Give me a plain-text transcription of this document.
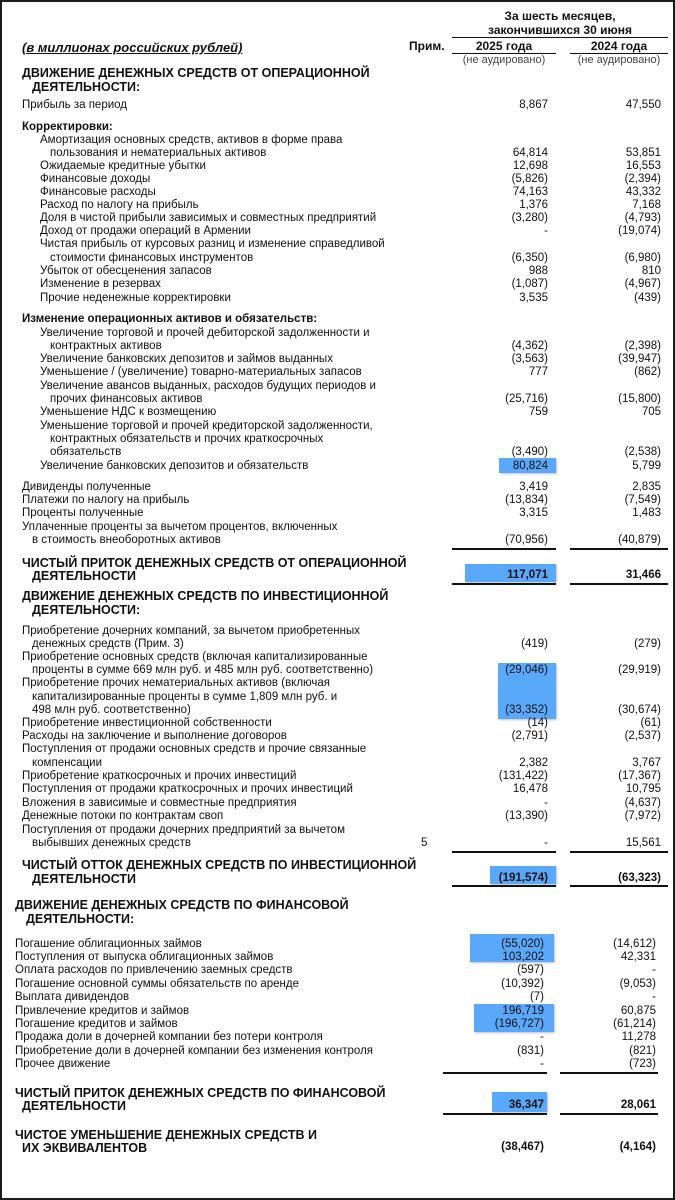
За шесть месяцев,
закончившихся 30 июня
(в миллионах российских рублей)	Прим.	2025 года	2024 года
(не аудировано)	(не аудировано)
ДВИЖЕНИЕ ДЕНЕЖНЫХ СРЕДСТВ ОТ ОПЕРАЦИОННОЙ
ДЕЯТЕЛЬНОСТИ:
Прибыль за период	8,867	47,550
Корректировки:
Амортизация основных средств, активов в форме права
пользования и нематериальных активов	64,814	53,851
Ожидаемые кредитные убытки	12,698	16,553
Финансовые доходы	(5,826)	(2,394)
Финансовые расходы	74,163	43,332
Расход по налогу на прибыль	1,376	7,168
Доля в чистой прибыли зависимых и совместных предприятий	(3,280)	(4,793)
Доход от продажи операций в Армении	-	(19,074)
Чистая прибыль от курсовых разниц и изменение справедливой
стоимости финансовых инструментов	(6,350)	(6,980)
Убыток от обесценения запасов	988	810
Изменение в резервах	(1,087)	(4,967)
Прочие неденежные корректировки	3,535	(439)
Изменение операционных активов и обязательств:
Увеличение торговой и прочей дебиторской задолженности и
контрактных активов	(4,362)	(2,398)
Увеличение банковских депозитов и займов выданных	(3,563)	(39,947)
Уменьшение / (увеличение) товарно-материальных запасов	777	(862)
Увеличение авансов выданных, расходов будущих периодов и
прочих финансовых активов	(25,716)	(15,800)
Уменьшение НДС к возмещению	759	705
Уменьшение торговой и прочей кредиторской задолженности,
контрактных обязательств и прочих краткосрочных
обязательств	(3,490)	(2,538)
Увеличение банковских депозитов и обязательств	80,824	5,799
Дивиденды полученные	3,419	2,835
Платежи по налогу на прибыль	(13,834)	(7,549)
Проценты полученные	3,315	1,483
Уплаченные проценты за вычетом процентов, включенных
в стоимость внеоборотных активов	(70,956)	(40,879)
ЧИСТЫЙ ПРИТОК ДЕНЕЖНЫХ СРЕДСТВ ОТ ОПЕРАЦИОННОЙ
ДЕЯТЕЛЬНОСТИ	117,071	31,466
ДВИЖЕНИЕ ДЕНЕЖНЫХ СРЕДСТВ ПО ИНВЕСТИЦИОННОЙ
ДЕЯТЕЛЬНОСТИ:
Приобретение дочерних компаний, за вычетом приобретенных
денежных средств (Прим. 3)	(419)	(279)
Приобретение основных средств (включая капитализированные
проценты в сумме 669 млн руб. и 485 млн руб. соответственно)	(29,046)	(29,919)
Приобретение прочих нематериальных активов (включая
капитализированные проценты в сумме 1,809 млн руб. и
498 млн руб. соответственно)	(33,352)	(30,674)
Приобретение инвестиционной собственности	(14)	(61)
Расходы на заключение и выполнение договоров	(2,791)	(2,537)
Поступления от продажи основных средств и прочие связанные
компенсации	2,382	3,767
Приобретение краткосрочных и прочих инвестиций	(131,422)	(17,367)
Поступления от продажи краткосрочных и прочих инвестиций	16,478	10,795
Вложения в зависимые и совместные предприятия	-	(4,637)
Денежные потоки по контрактам своп	(13,390)	(7,972)
Поступления от продажи дочерних предприятий за вычетом
выбывших денежных средств	5	-	15,561
ЧИСТЫЙ ОТТОК ДЕНЕЖНЫХ СРЕДСТВ ПО ИНВЕСТИЦИОННОЙ
ДЕЯТЕЛЬНОСТИ	(191,574)	(63,323)
ДВИЖЕНИЕ ДЕНЕЖНЫХ СРЕДСТВ ПО ФИНАНСОВОЙ
ДЕЯТЕЛЬНОСТИ:
Погашение облигационных займов	(55,020)	(14,612)
Поступления от выпуска облигационных займов	103,202	42,331
Оплата расходов по привлечению заемных средств	(597)	-
Погашение основной суммы обязательств по аренде	(10,392)	(9,053)
Выплата дивидендов	(7)	-
Привлечение кредитов и займов	196,719	60,875
Погашение кредитов и займов	(196,727)	(61,214)
Продажа доли в дочерней компании без потери контроля	-	11,278
Приобретение доли в дочерней компании без изменения контроля	(831)	(821)
Прочее движение	-	(723)
ЧИСТЫЙ ПРИТОК ДЕНЕЖНЫХ СРЕДСТВ ПО ФИНАНСОВОЙ
ДЕЯТЕЛЬНОСТИ	36,347	28,061
ЧИСТОЕ УМЕНЬШЕНИЕ ДЕНЕЖНЫХ СРЕДСТВ И
ИХ ЭКВИВАЛЕНТОВ	(38,467)	(4,164)
